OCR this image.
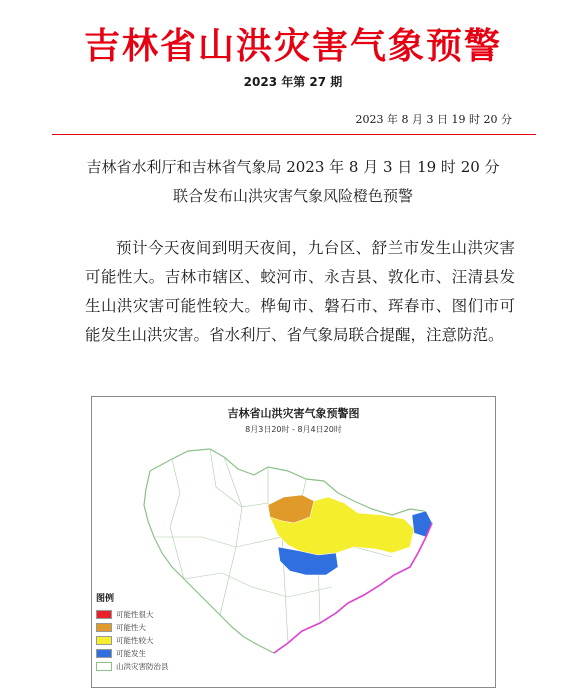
吉林省山洪灾害气象预警
2023 年第 27 期
2023 年 8 月 3 日 19 时 20 分
吉林省水利厅和吉林省气象局 2023 年 8 月 3 日 19 时 20 分
联合发布山洪灾害气象风险橙色预警
预计今天夜间到明天夜间，九台区、舒兰市发生山洪灾害可能性大。吉林市辖区、蛟河市、永吉县、敦化市、汪清县发生山洪灾害可能性较大。桦甸市、磐石市、珲春市、图们市可能发生山洪灾害。省水利厅、省气象局联合提醒，注意防范。
吉林省山洪灾害气象预警图
8月3日20时 - 8月4日20时
图例
可能性很大
可能性大
可能性较大
可能发生
山洪灾害防治县
